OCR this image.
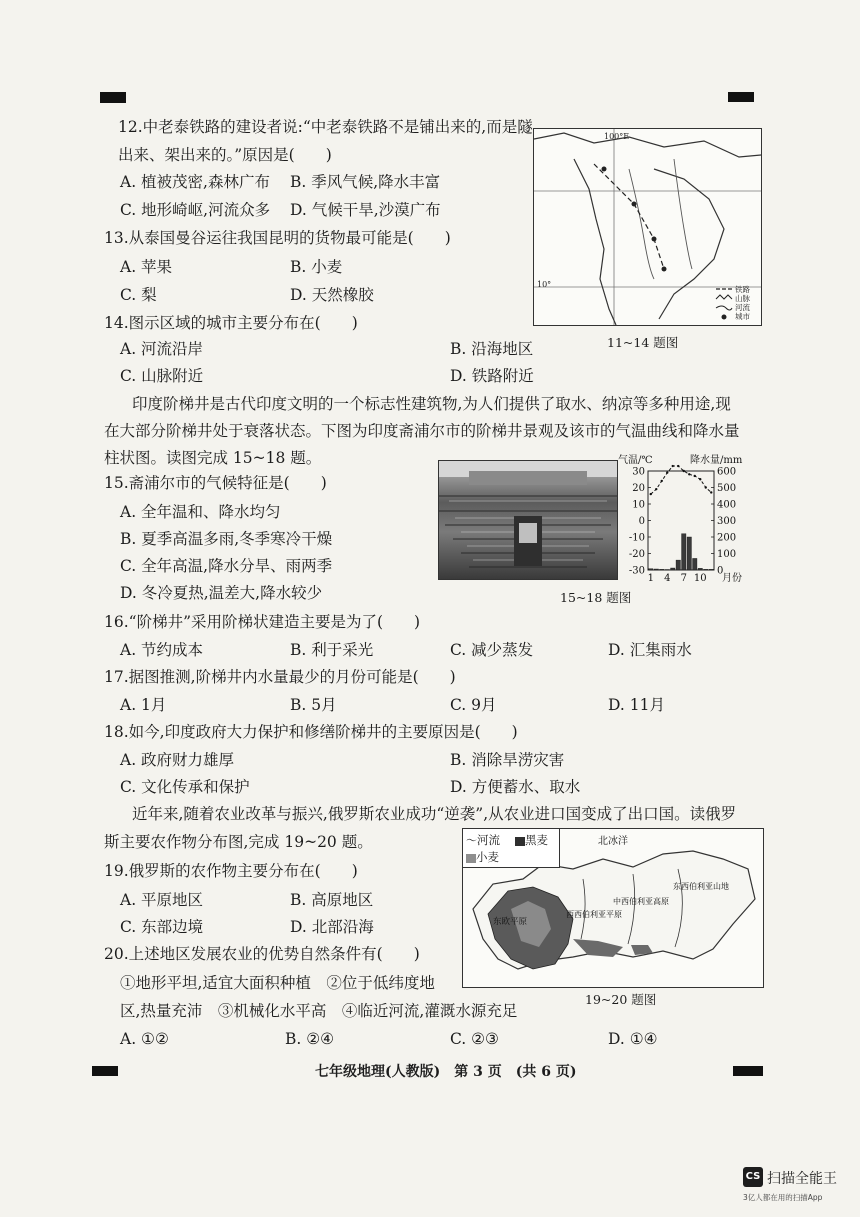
12.中老泰铁路的建设者说:“中老泰铁路不是铺出来的,而是隧
出来、架出来的。”原因是(　　)
A. 植被茂密,森林广布 B. 季风气候,降水丰富
C. 地形崎岖,河流众多 D. 气候干旱,沙漠广布
13.从泰国曼谷运往我国昆明的货物最可能是(　　)
A. 苹果	B. 小麦
C. 梨	D. 天然橡胶
14.图示区域的城市主要分布在(　　)
A. 河流沿岸	B. 沿海地区
C. 山脉附近	D. 铁路附近
10°
100°E
铁路
山脉
河流
城市
11~14 题图
印度阶梯井是古代印度文明的一个标志性建筑物,为人们提供了取水、纳凉等多种用途,现
在大部分阶梯井处于衰落状态。下图为印度斋浦尔市的阶梯井景观及该市的气温曲线和降水量
柱状图。读图完成 15~18 题。
15.斋浦尔市的气候特征是(　　)
A. 全年温和、降水均匀
B. 夏季高温多雨,冬季寒冷干燥
C. 全年高温,降水分旱、雨两季
D. 冬冷夏热,温差大,降水较少
气温/℃	降水量/mm
30
20
10
0
-10
-20
-30
600
500
400
300
200
100
0
1 4 7 10 月份
15~18 题图
16.“阶梯井”采用阶梯状建造主要是为了(　　)
A. 节约成本	B. 利于采光	C. 减少蒸发	D. 汇集雨水
17.据图推测,阶梯井内水量最少的月份可能是(　　)
A. 1月	B. 5月	C. 9月	D. 11月
18.如今,印度政府大力保护和修缮阶梯井的主要原因是(　　)
A. 政府财力雄厚	B. 消除旱涝灾害
C. 文化传承和保护	D. 方便蓄水、取水
近年来,随着农业改革与振兴,俄罗斯农业成功“逆袭”,从农业进口国变成了出口国。读俄罗
斯主要农作物分布图,完成 19~20 题。
19.俄罗斯的农作物主要分布在(　　)
A. 平原地区	B. 高原地区
C. 东部边境	D. 北部沿海
20.上述地区发展农业的优势自然条件有(　　)
①地形平坦,适宜大面积种植　②位于低纬度地
区,热量充沛　③机械化水平高　④临近河流,灌溉水源充足
A. ①②	B. ②④	C. ②③	D. ①④
北冰洋
东欧平原
西西伯利亚平原
中西伯利亚高原
东西伯利亚山地
〜河流	黑麦
小麦
19~20 题图
七年级地理(人教版)　第 3 页　(共 6 页)
CS 扫描全能王
3亿人都在用的扫描App
